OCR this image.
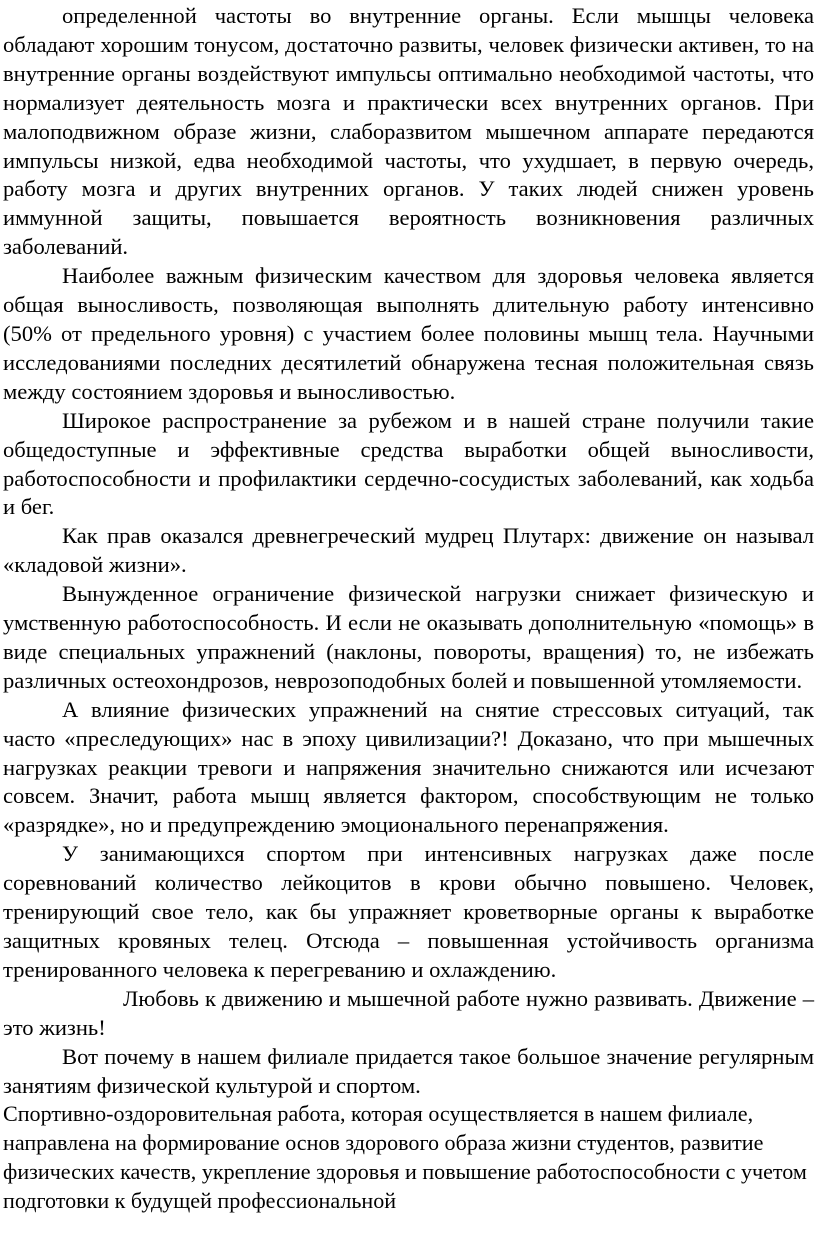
определенной частоты во внутренние органы. Если мышцы человека обладают хорошим тонусом, достаточно развиты, человек физически активен, то на внутренние органы воздействуют импульсы оптимально необходимой частоты, что нормализует деятельность мозга и практически всех внутренних органов. При малоподвижном образе жизни, слаборазвитом мышечном аппарате передаются импульсы низкой, едва необходимой частоты, что ухудшает, в первую очередь, работу мозга и других внутренних органов. У таких людей снижен уровень иммунной защиты, повышается вероятность возникновения различных заболеваний.

Наиболее важным физическим качеством для здоровья человека является общая выносливость, позволяющая выполнять длительную работу интенсивно (50% от предельного уровня) с участием более половины мышц тела. Научными исследованиями последних десятилетий обнаружена тесная положительная связь между состоянием здоровья и выносливостью.

Широкое распространение за рубежом и в нашей стране получили такие общедоступные и эффективные средства выработки общей выносливости, работоспособности и профилактики сердечно-сосудистых заболеваний, как ходьба и бег.

Как прав оказался древнегреческий мудрец Плутарх: движение он называл «кладовой жизни».

Вынужденное ограничение физической нагрузки снижает физическую и умственную работоспособность. И если не оказывать дополнительную «помощь» в виде специальных упражнений (наклоны, повороты, вращения) то, не избежать различных остеохондрозов, неврозоподобных болей и повышенной утомляемости.

А влияние физических упражнений на снятие стрессовых ситуаций, так часто «преследующих» нас в эпоху цивилизации?! Доказано, что при мышечных нагрузках реакции тревоги и напряжения значительно снижаются или исчезают совсем. Значит, работа мышц является фактором, способствующим не только «разрядке», но и предупреждению эмоционального перенапряжения.

У занимающихся спортом при интенсивных нагрузках даже после соревнований количество лейкоцитов в крови обычно повышено. Человек, тренирующий свое тело, как бы упражняет кроветворные органы к выработке защитных кровяных телец. Отсюда – повышенная устойчивость организма тренированного человека к перегреванию и охлаждению.

Любовь к движению и мышечной работе нужно развивать. Движение – это жизнь!

Вот почему в нашем филиале придается такое большое значение регулярным занятиям физической культурой и спортом.

Спортивно-оздоровительная работа, которая осуществляется в нашем филиале, направлена на формирование основ здорового образа жизни студентов, развитие физических качеств, укрепление здоровья и повышение работоспособности с учетом подготовки к будущей профессиональной
